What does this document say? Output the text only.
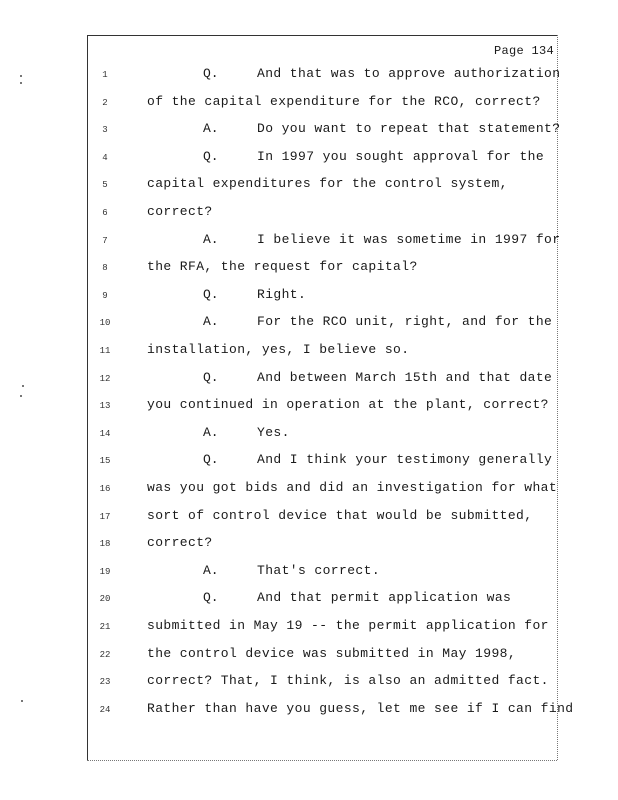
Page 134
1	Q.	And that was to approve authorization
2	of the capital expenditure for the RCO, correct?
3	A.	Do you want to repeat that statement?
4	Q.	In 1997 you sought approval for the
5	capital expenditures for the control system,
6	correct?
7	A.	I believe it was sometime in 1997 for
8	the RFA, the request for capital?
9	Q.	Right.
10	A.	For the RCO unit, right, and for the
11	installation, yes, I believe so.
12	Q.	And between March 15th and that date
13	you continued in operation at the plant, correct?
14	A.	Yes.
15	Q.	And I think your testimony generally
16	was you got bids and did an investigation for what
17	sort of control device that would be submitted,
18	correct?
19	A.	That's correct.
20	Q.	And that permit application was
21	submitted in May 19 -- the permit application for
22	the control device was submitted in May 1998,
23	correct? That, I think, is also an admitted fact.
24	Rather than have you guess, let me see if I can find
